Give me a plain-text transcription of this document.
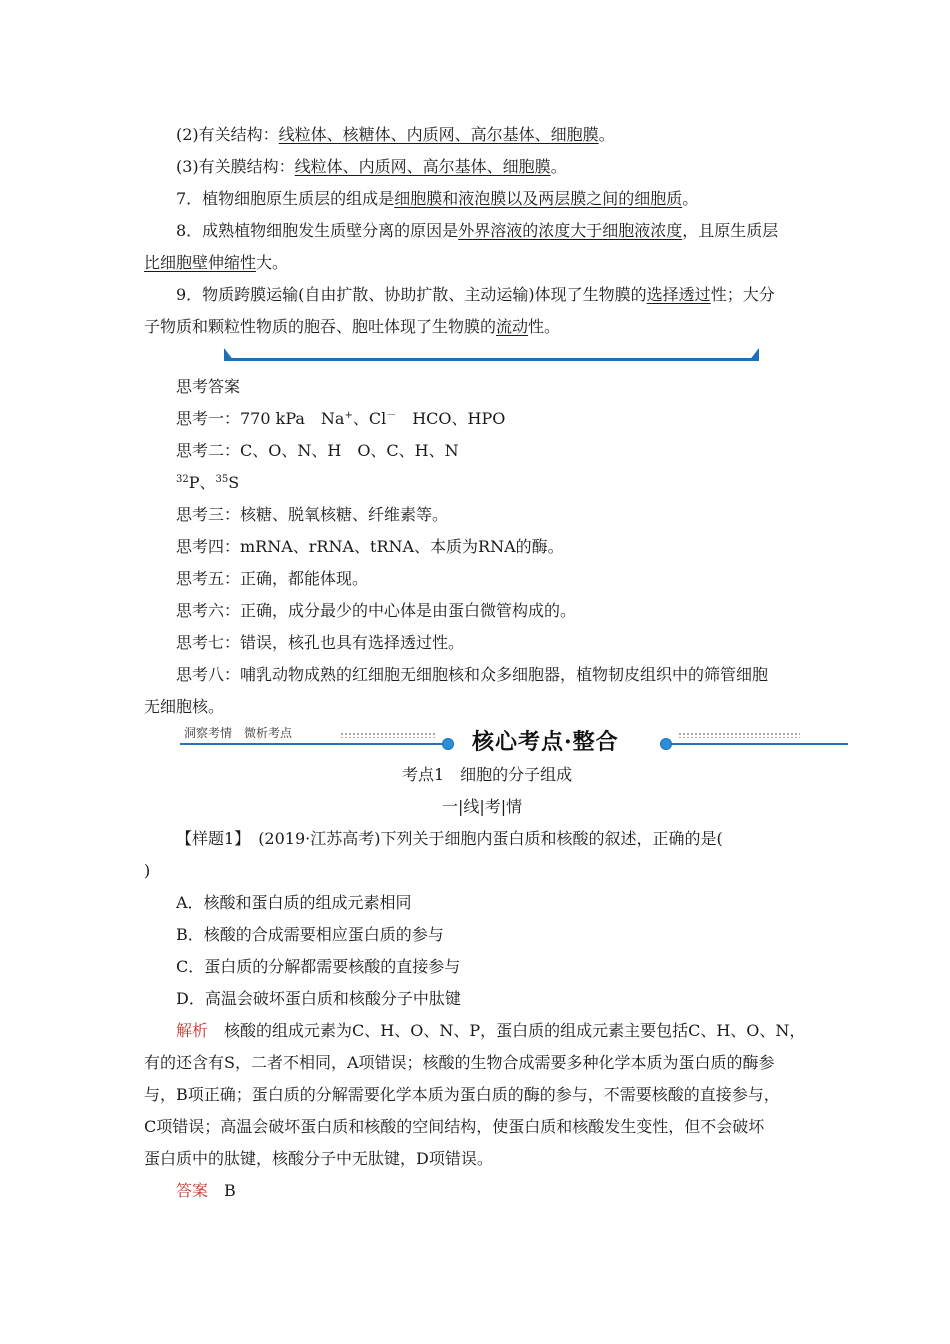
(2)有关结构：线粒体、核糖体、内质网、高尔基体、细胞膜。
(3)有关膜结构：线粒体、内质网、高尔基体、细胞膜。
7．植物细胞原生质层的组成是细胞膜和液泡膜以及两层膜之间的细胞质。
8．成熟植物细胞发生质壁分离的原因是外界溶液的浓度大于细胞液浓度，且原生质层
比细胞壁伸缩性大。
9．物质跨膜运输(自由扩散、协助扩散、主动运输)体现了生物膜的选择透过性；大分
子物质和颗粒性物质的胞吞、胞吐体现了生物膜的流动性。
思考答案
思考一：770 kPa　Na+、Cl－　HCO、HPO
思考二：C、O、N、H　O、C、H、N
$^{32}$P、$^{35}$S
思考三：核糖、脱氧核糖、纤维素等。
思考四：mRNA、rRNA、tRNA、本质为RNA的酶。
思考五：正确，都能体现。
思考六：正确，成分最少的中心体是由蛋白微管构成的。
思考七：错误，核孔也具有选择透过性。
思考八：哺乳动物成熟的红细胞无细胞核和众多细胞器，植物韧皮组织中的筛管细胞
无细胞核。
洞察考情　微析考点	核心考点·整合
考点1　细胞的分子组成
一|线|考|情
【样题1】　(2019·江苏高考)下列关于细胞内蛋白质和核酸的叙述，正确的是(
)
A．核酸和蛋白质的组成元素相同
B．核酸的合成需要相应蛋白质的参与
C．蛋白质的分解都需要核酸的直接参与
D．高温会破坏蛋白质和核酸分子中肽键
解析　核酸的组成元素为C、H、O、N、P，蛋白质的组成元素主要包括C、H、O、N，
有的还含有S，二者不相同，A项错误；核酸的生物合成需要多种化学本质为蛋白质的酶参
与，B项正确；蛋白质的分解需要化学本质为蛋白质的酶的参与，不需要核酸的直接参与，
C项错误；高温会破坏蛋白质和核酸的空间结构，使蛋白质和核酸发生变性，但不会破坏
蛋白质中的肽键，核酸分子中无肽键，D项错误。
答案　B
